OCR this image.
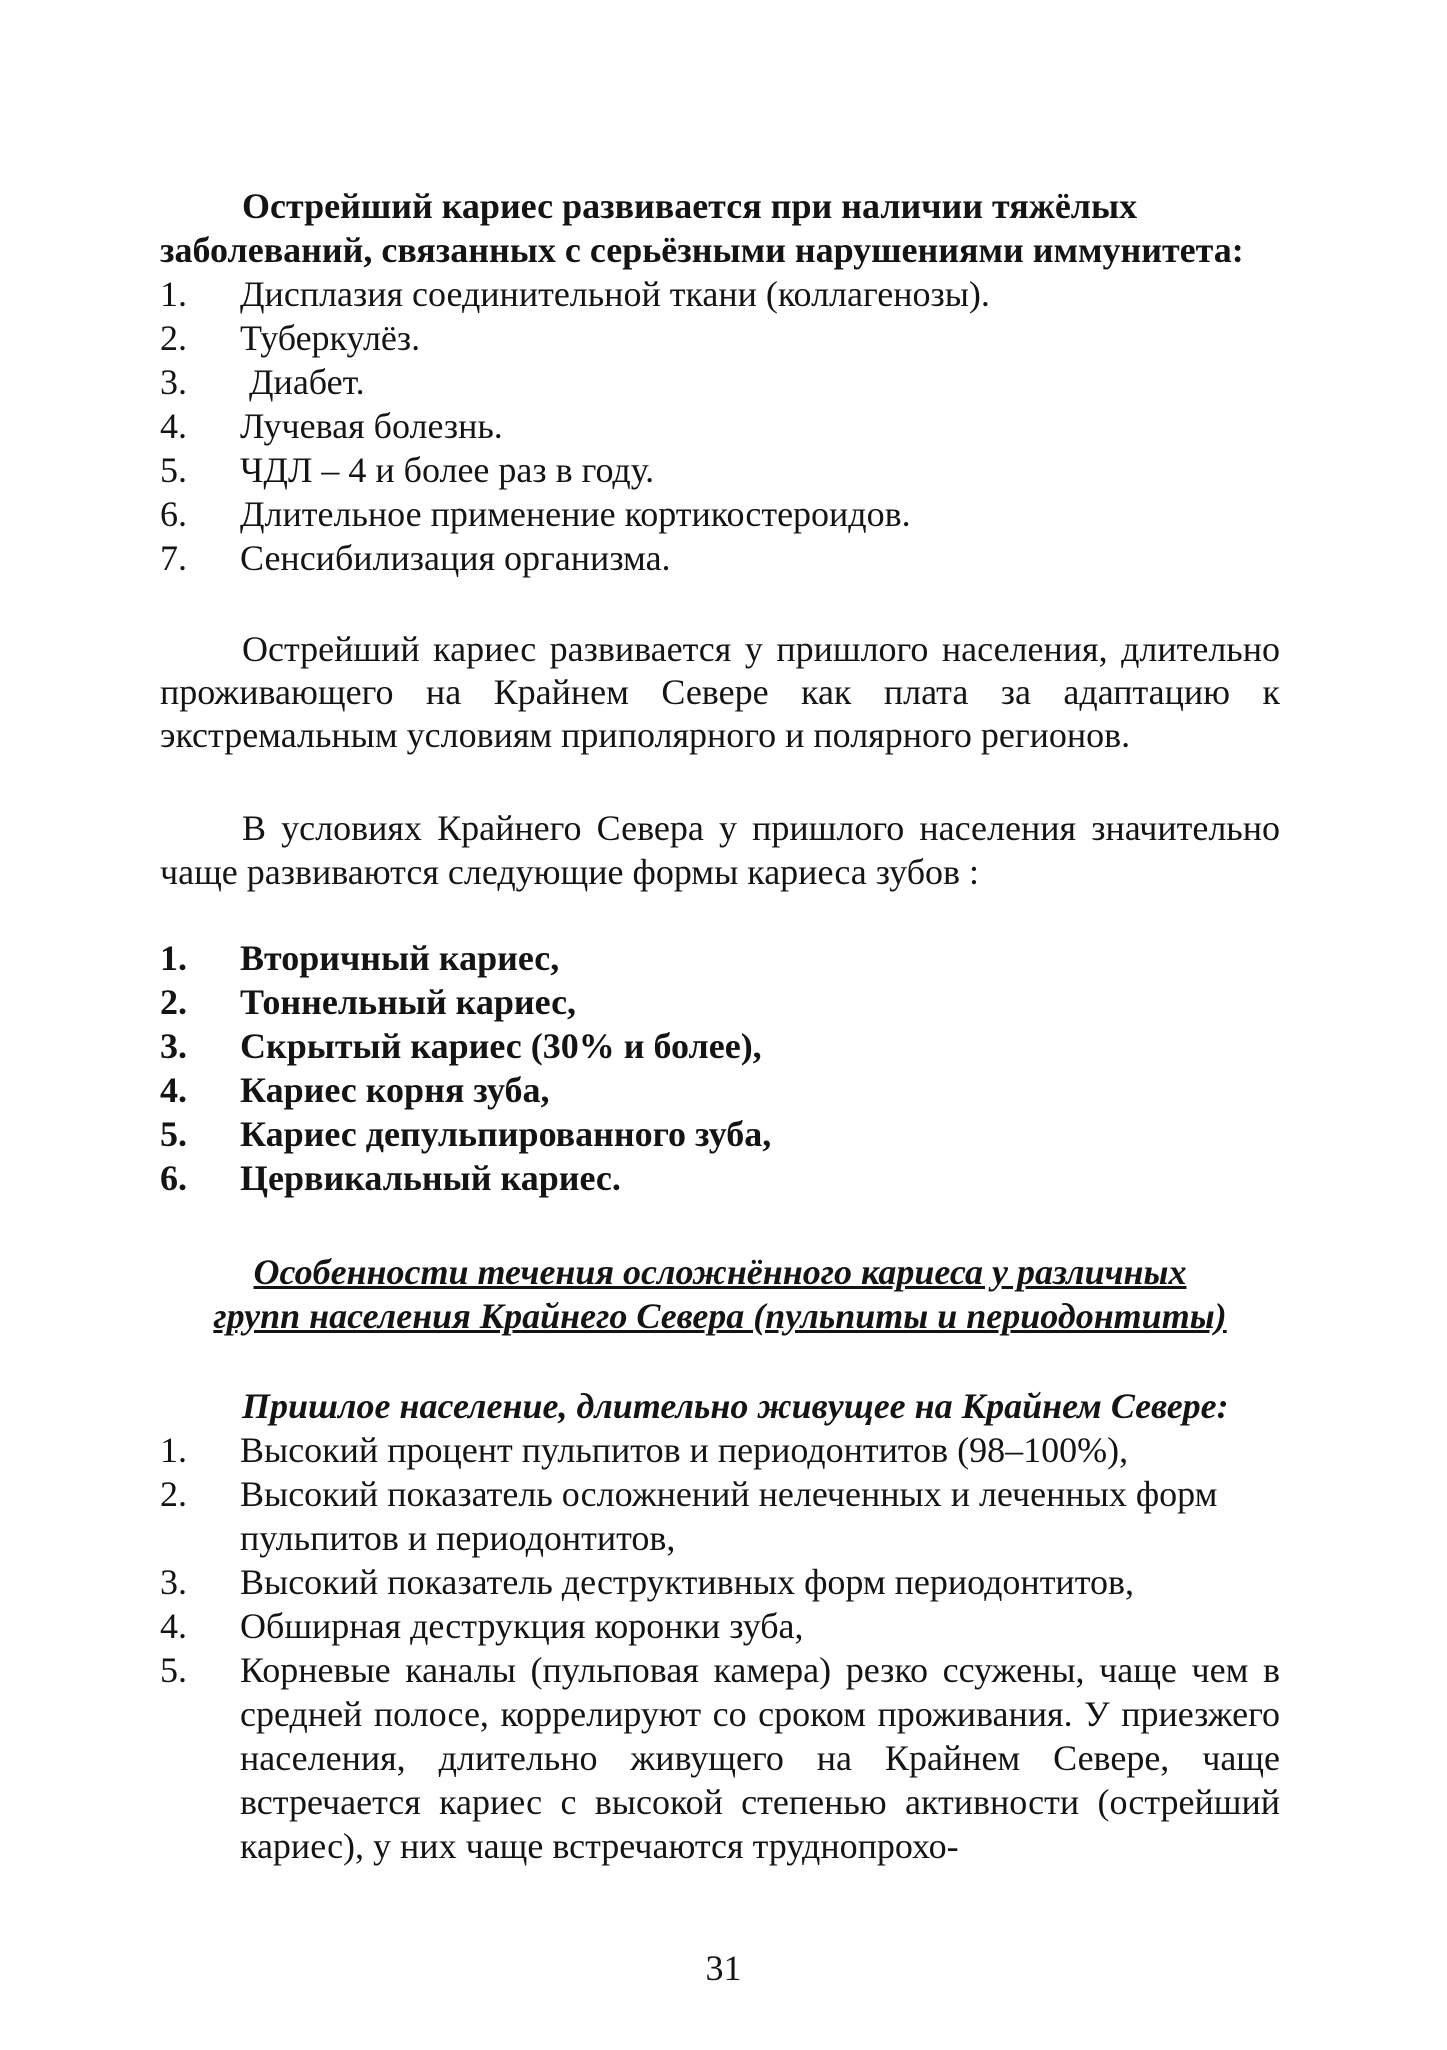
Острейший кариес развивается при наличии тяжёлых
заболеваний, связанных с серьёзными нарушениями иммунитета:
1.	Дисплазия соединительной ткани (коллагенозы).
2.	Туберкулёз.
3.	Диабет.
4.	Лучевая болезнь.
5.	ЧДЛ – 4 и более раз в году.
6.	Длительное применение кортикостероидов.
7.	Сенсибилизация организма.
Острейший кариес развивается у пришлого населения, длительно проживающего на Крайнем Севере как плата за адаптацию к экстремальным условиям приполярного и полярного регионов.
В условиях Крайнего Севера у пришлого населения значительно чаще развиваются следующие формы кариеса зубов :
1.	Вторичный кариес,
2.	Тоннельный кариес,
3.	Скрытый кариес (30% и более),
4.	Кариес корня зуба,
5.	Кариес депульпированного зуба,
6.	Цервикальный кариес.
Особенности течения осложнённого кариеса у различных
групп населения Крайнего Севера (пульпиты и периодонтиты)
Пришлое население, длительно живущее на Крайнем Севере:
1.	Высокий процент пульпитов и периодонтитов (98–100%),
2.	Высокий показатель осложнений нелеченных и леченных форм пульпитов и периодонтитов,
3.	Высокий показатель деструктивных форм периодонтитов,
4.	Обширная деструкция коронки зуба,
5.	Корневые каналы (пульповая камера) резко ссужены, чаще чем в средней полосе, коррелируют со сроком проживания. У приезжего населения, длительно живущего на Крайнем Севере, чаще встречается кариес с высокой степенью активности (острейший кариес), у них чаще встречаются труднопрохо-
31
